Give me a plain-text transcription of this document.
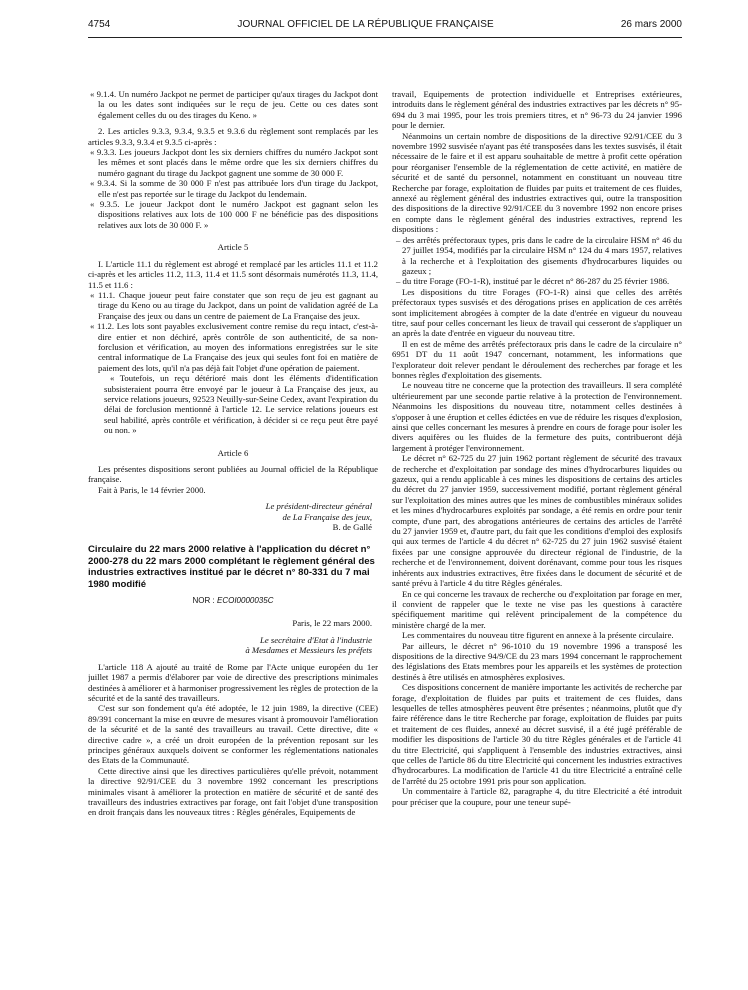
4754	JOURNAL OFFICIEL DE LA RÉPUBLIQUE FRANÇAISE	26 mars 2000

« 9.1.4. Un numéro Jackpot ne permet de participer qu'aux tirages du Jackpot dont la ou les dates sont indiquées sur le reçu de jeu. Cette ou ces dates sont également celles du ou des tirages du Keno. »

2. Les articles 9.3.3, 9.3.4, 9.3.5 et 9.3.6 du règlement sont remplacés par les articles 9.3.3, 9.3.4 et 9.3.5 ci-après :

« 9.3.3. Les joueurs Jackpot dont les six derniers chiffres du numéro Jackpot sont les mêmes et sont placés dans le même ordre que les six derniers chiffres du numéro gagnant du tirage du Jackpot gagnent une somme de 30 000 F.

« 9.3.4. Si la somme de 30 000 F n'est pas attribuée lors d'un tirage du Jackpot, elle n'est pas reportée sur le tirage du Jackpot du lendemain.

« 9.3.5. Le joueur Jackpot dont le numéro Jackpot est gagnant selon les dispositions relatives aux lots de 100 000 F ne bénéficie pas des dispositions relatives aux lots de 30 000 F. »

Article 5

I. L'article 11.1 du règlement est abrogé et remplacé par les articles 11.1 et 11.2 ci-après et les articles 11.2, 11.3, 11.4 et 11.5 sont désormais numérotés 11.3, 11.4, 11.5 et 11.6 :

« 11.1. Chaque joueur peut faire constater que son reçu de jeu est gagnant au tirage du Keno ou au tirage du Jackpot, dans un point de validation agréé de La Française des jeux ou dans un centre de paiement de La Française des jeux.

« 11.2. Les lots sont payables exclusivement contre remise du reçu intact, c'est-à-dire entier et non déchiré, après contrôle de son authenticité, de sa non-forclusion et vérification, au moyen des informations enregistrées sur le site central informatique de La Française des jeux qui seules font foi en matière de paiement des lots, qu'il n'a pas déjà fait l'objet d'une opération de paiement.

« Toutefois, un reçu détérioré mais dont les éléments d'identification subsisteraient pourra être envoyé par le joueur à La Française des jeux, au service relations joueurs, 92523 Neuilly-sur-Seine Cedex, avant l'expiration du délai de forclusion mentionné à l'article 12. Le service relations joueurs est seul habilité, après contrôle et vérification, à décider si ce reçu peut être payé ou non. »

Article 6

Les présentes dispositions seront publiées au Journal officiel de la République française.

Fait à Paris, le 14 février 2000.

Le président-directeur général

de La Française des jeux,

B. de Gallé

Circulaire du 22 mars 2000 relative à l'application du décret n° 2000-278 du 22 mars 2000 complétant le règlement général des industries extractives institué par le décret n° 80-331 du 7 mai 1980 modifié

NOR : ECOI0000035C

Paris, le 22 mars 2000.

Le secrétaire d'Etat à l'industrie

à Mesdames et Messieurs les préfets

L'article 118 A ajouté au traité de Rome par l'Acte unique européen du 1er juillet 1987 a permis d'élaborer par voie de directive des prescriptions minimales destinées à améliorer et à harmoniser progressivement les règles de protection de la sécurité et de la santé des travailleurs.

C'est sur son fondement qu'a été adoptée, le 12 juin 1989, la directive (CEE) 89/391 concernant la mise en œuvre de mesures visant à promouvoir l'amélioration de la sécurité et de la santé des travailleurs au travail. Cette directive, dite « directive cadre », a créé un droit européen de la prévention reposant sur les principes généraux auxquels doivent se conformer les réglementations nationales des Etats de la Communauté.

Cette directive ainsi que les directives particulières qu'elle prévoit, notamment la directive 92/91/CEE du 3 novembre 1992 concernant les prescriptions minimales visant à améliorer la protection en matière de sécurité et de santé des travailleurs des industries extractives par forage, ont fait l'objet d'une transposition en droit français dans les nouveaux titres : Règles générales, Equipements de

travail, Equipements de protection individuelle et Entreprises extérieures, introduits dans le règlement général des industries extractives par les décrets n° 95-694 du 3 mai 1995, pour les trois premiers titres, et n° 96-73 du 24 janvier 1996 pour le dernier.

Néanmoins un certain nombre de dispositions de la directive 92/91/CEE du 3 novembre 1992 susvisée n'ayant pas été transposées dans les textes susvisés, il était nécessaire de le faire et il est apparu souhaitable de mettre à profit cette opération pour réorganiser l'ensemble de la réglementation de cette activité, en matière de sécurité et de santé du personnel, notamment en constituant un nouveau titre Recherche par forage, exploitation de fluides par puits et traitement de ces fluides, annexé au règlement général des industries extractives qui, outre la transposition des dispositions de la directive 92/91/CEE du 3 novembre 1992 non encore prises en compte dans le règlement général des industries extractives, reprend les dispositions :

– des arrêtés préfectoraux types, pris dans le cadre de la circulaire HSM n° 46 du 27 juillet 1954, modifiés par la circulaire HSM n° 124 du 4 mars 1957, relatives à la recherche et à l'exploitation des gisements d'hydrocarbures liquides ou gazeux ;

– du titre Forage (FO-1-R), institué par le décret n° 86-287 du 25 février 1986.

Les dispositions du titre Forages (FO-1-R) ainsi que celles des arrêtés préfectoraux types susvisés et des dérogations prises en application de ces arrêtés sont implicitement abrogées à compter de la date d'entrée en vigueur du nouveau titre, sauf pour celles concernant les lieux de travail qui cesseront de s'appliquer un an après la date d'entrée en vigueur du nouveau titre.

Il en est de même des arrêtés préfectoraux pris dans le cadre de la circulaire n° 6951 DT du 11 août 1947 concernant, notamment, les informations que l'explorateur doit relever pendant le déroulement des recherches par forage et les bonnes règles d'exploitation des gisements.

Le nouveau titre ne concerne que la protection des travailleurs. Il sera complété ultérieurement par une seconde partie relative à la protection de l'environnement. Néanmoins les dispositions du nouveau titre, notamment celles destinées à s'opposer à une éruption et celles édictées en vue de réduire les risques d'explosion, ainsi que celles concernant les mesures à prendre en cours de forage pour isoler les divers aquifères ou les fluides de la fermeture des puits, contribueront déjà largement à protéger l'environnement.

Le décret n° 62-725 du 27 juin 1962 portant règlement de sécurité des travaux de recherche et d'exploitation par sondage des mines d'hydrocarbures liquides ou gazeux, qui a rendu applicable à ces mines les dispositions de certains des articles du décret du 27 janvier 1959, successivement modifié, portant règlement général sur l'exploitation des mines autres que les mines de combustibles minéraux solides et les mines d'hydrocarbures exploités par sondage, a été remis en ordre pour tenir compte, d'une part, des abrogations antérieures de certains des articles de l'arrêté du 27 janvier 1959 et, d'autre part, du fait que les conditions d'emploi des explosifs qui aux termes de l'article 4 du décret n° 62-725 du 27 juin 1962 susvisé étaient fixées par une consigne approuvée du directeur régional de l'industrie, de la recherche et de l'environnement, doivent dorénavant, comme pour tous les risques inhérents aux industries extractives, être fixées dans le document de sécurité et de santé prévu à l'article 4 du titre Règles générales.

En ce qui concerne les travaux de recherche ou d'exploitation par forage en mer, il convient de rappeler que le texte ne vise pas les questions à caractère spécifiquement maritime qui relèvent principalement de la compétence du ministère chargé de la mer.

Les commentaires du nouveau titre figurent en annexe à la présente circulaire.

Par ailleurs, le décret n° 96-1010 du 19 novembre 1996 a transposé les dispositions de la directive 94/9/CE du 23 mars 1994 concernant le rapprochement des législations des Etats membres pour les appareils et les systèmes de protection destinés à être utilisés en atmosphères explosives.

Ces dispositions concernent de manière importante les activités de recherche par forage, d'exploitation de fluides par puits et traitement de ces fluides, dans lesquelles de telles atmosphères peuvent être présentes ; néanmoins, plutôt que d'y faire référence dans le titre Recherche par forage, exploitation de fluides par puits et traitement de ces fluides, annexé au décret susvisé, il a été jugé préférable de modifier les dispositions de l'article 30 du titre Règles générales et de l'article 41 du titre Electricité, qui s'appliquent à l'ensemble des industries extractives, ainsi que celles de l'article 86 du titre Electricité qui concernent les industries extractives d'hydrocarbures. La modification de l'article 41 du titre Electricité a entraîné celle de l'arrêté du 25 octobre 1991 pris pour son application.

Un commentaire à l'article 82, paragraphe 4, du titre Electricité a été introduit pour préciser que la coupure, pour une teneur supé-
